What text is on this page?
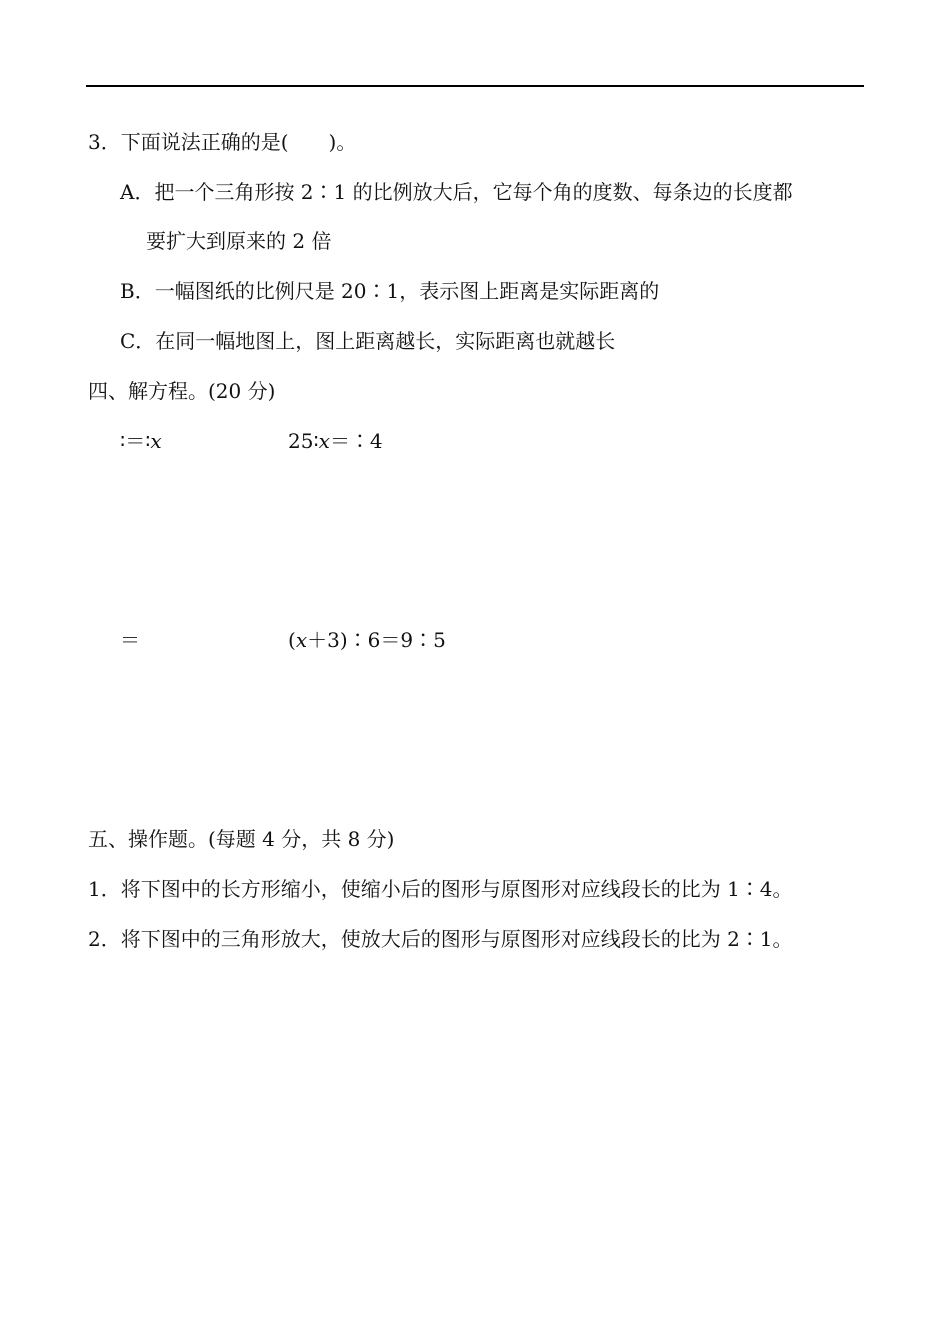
3．下面说法正确的是(　　)。
A．把一个三角形按 2∶1 的比例放大后，它每个角的度数、每条边的长度都
要扩大到原来的 2 倍
B．一幅图纸的比例尺是 20∶1，表示图上距离是实际距离的
C．在同一幅地图上，图上距离越长，实际距离也就越长
四、解方程。(20 分)
∶＝∶x	25∶x＝∶4
＝	(x＋3)∶6＝9∶5
五、操作题。(每题 4 分，共 8 分)
1．将下图中的长方形缩小，使缩小后的图形与原图形对应线段长的比为 1∶4。
2．将下图中的三角形放大，使放大后的图形与原图形对应线段长的比为 2∶1。
